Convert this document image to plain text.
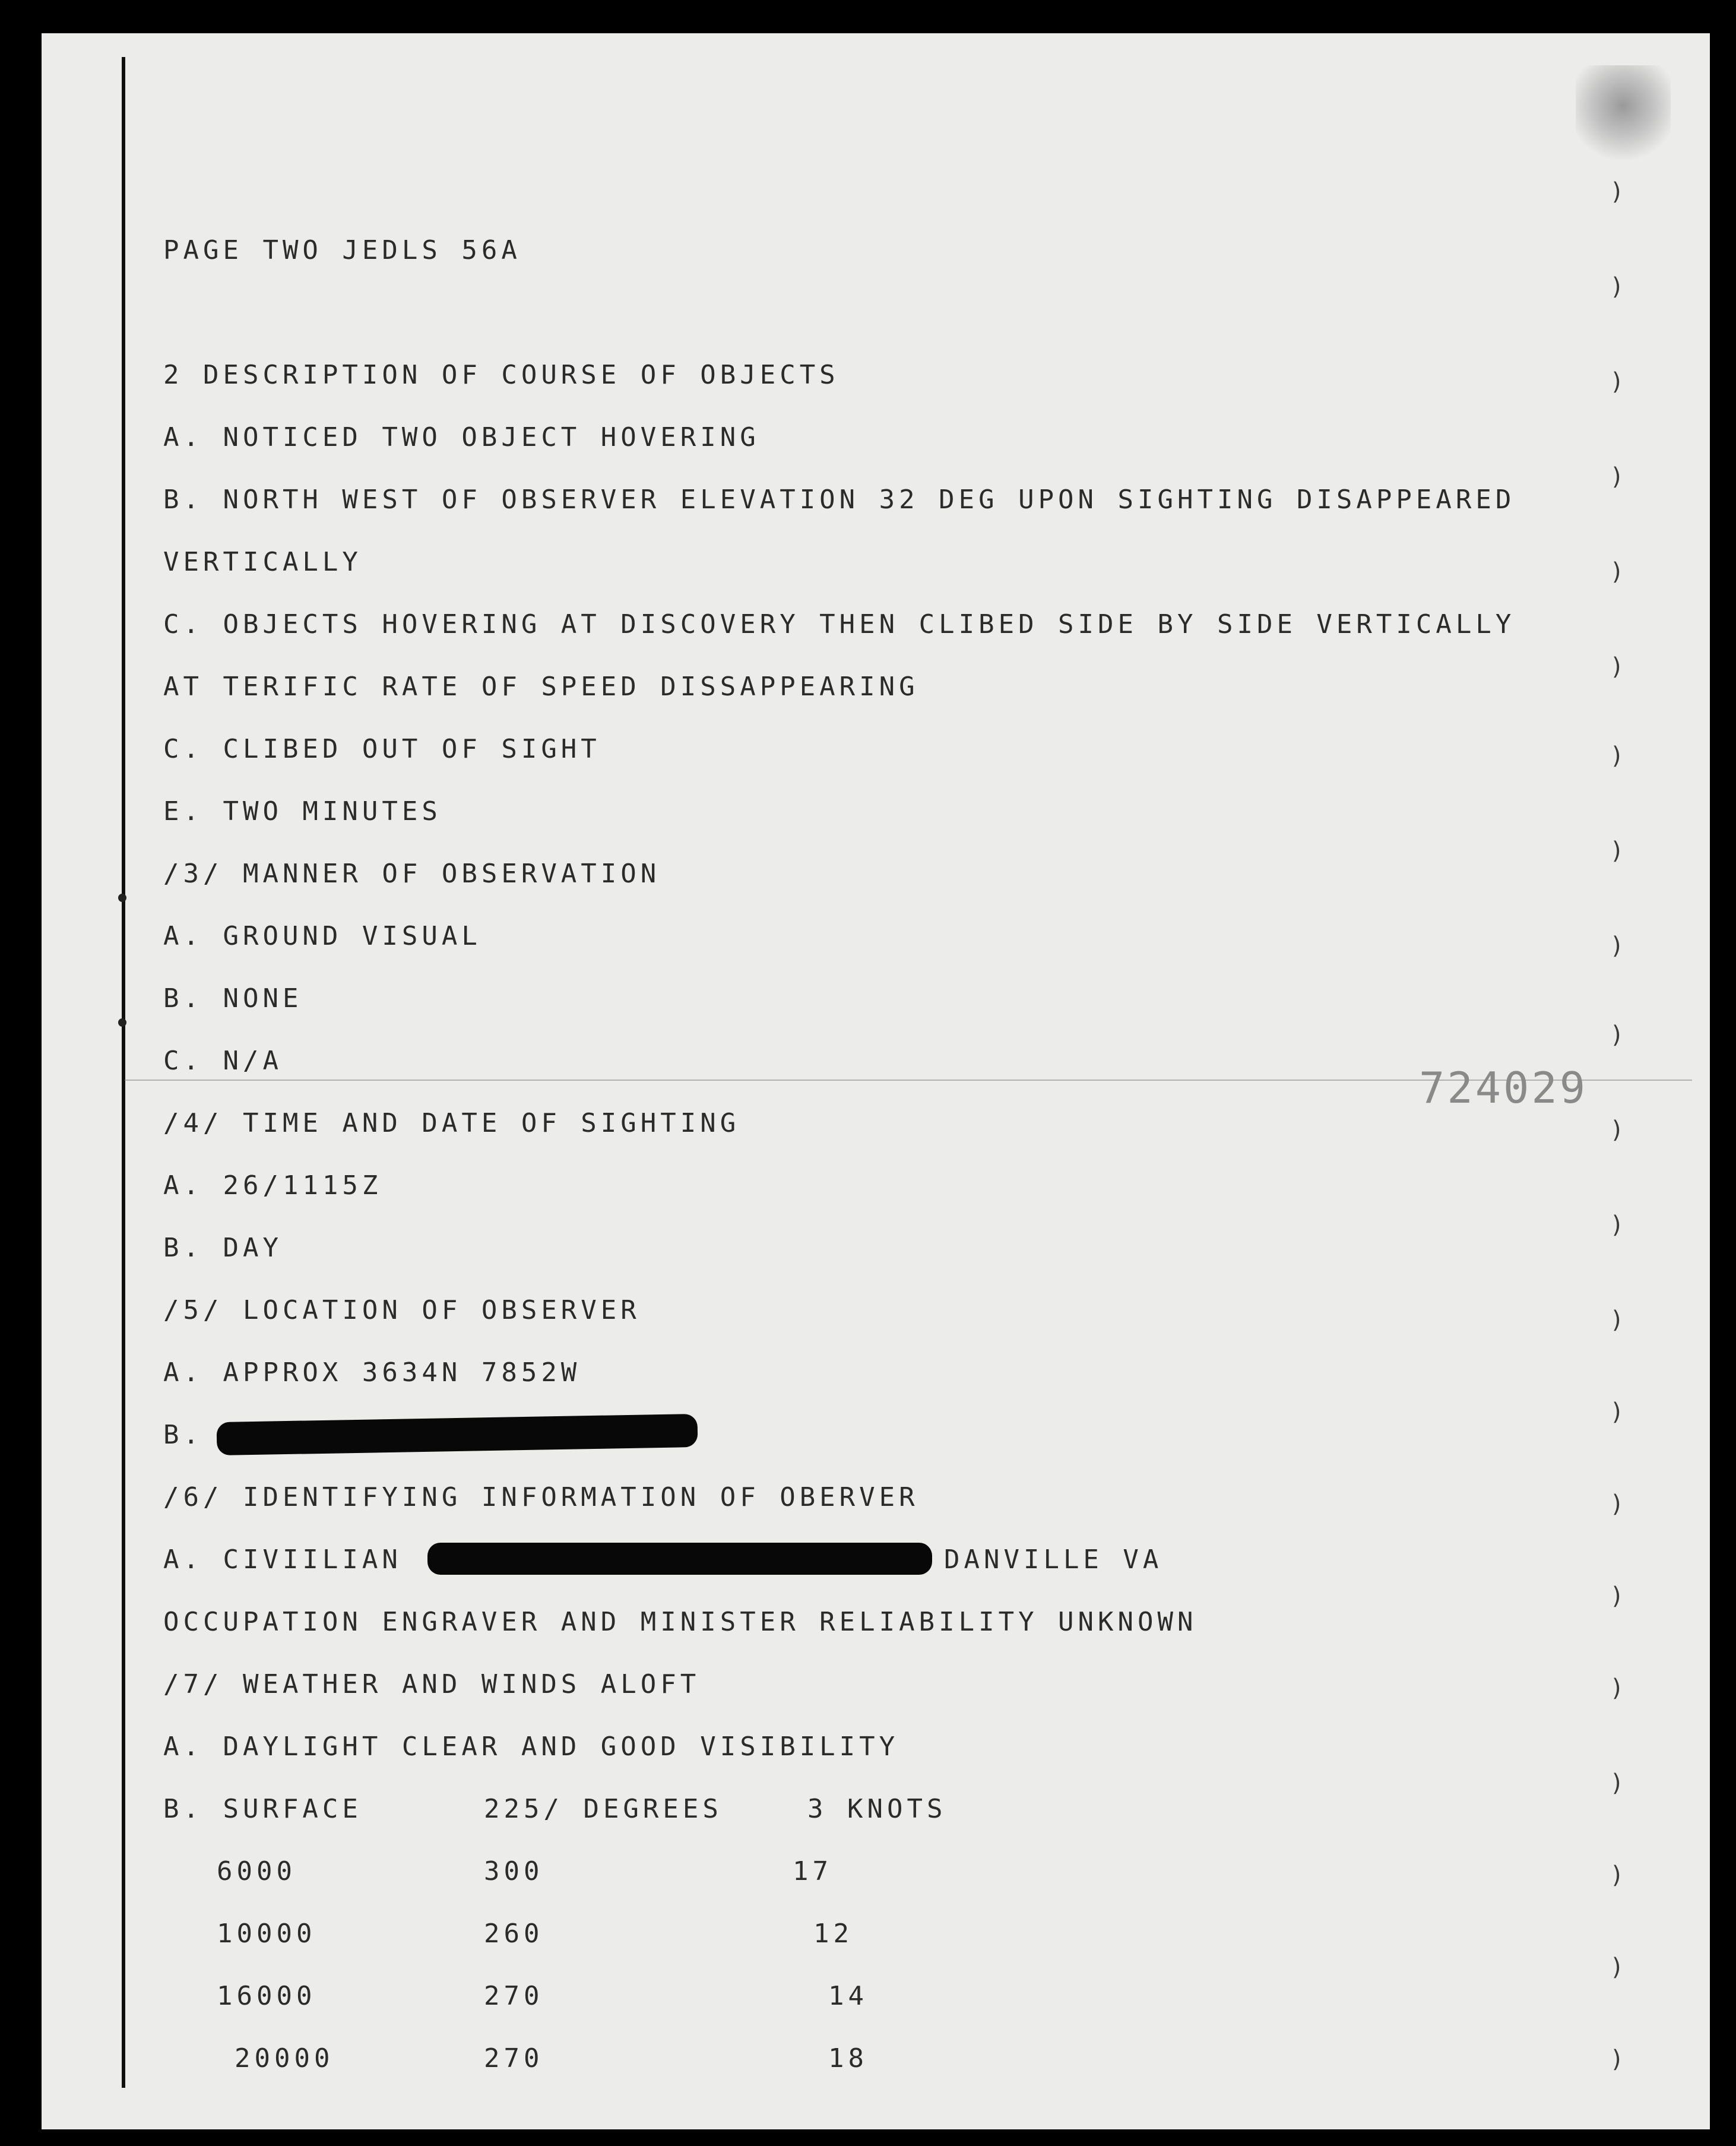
PAGE TWO JEDLS 56A
2 DESCRIPTION OF COURSE OF OBJECTS
A. NOTICED TWO OBJECT HOVERING
B. NORTH WEST OF OBSERVER ELEVATION 32 DEG UPON SIGHTING DISAPPEARED
VERTICALLY
C. OBJECTS HOVERING AT DISCOVERY THEN CLIBED SIDE BY SIDE VERTICALLY
AT TERIFIC RATE OF SPEED DISSAPPEARING
C. CLIBED OUT OF SIGHT
E. TWO MINUTES
/3/ MANNER OF OBSERVATION
A. GROUND VISUAL
B. NONE
C. N/A
/4/ TIME AND DATE OF SIGHTING
A. 26/1115Z
B. DAY
/5/ LOCATION OF OBSERVER
A. APPROX 3634N 7852W
B.
/6/ IDENTIFYING INFORMATION OF OBERVER
A. CIVIILIAN	DANVILLE VA
OCCUPATION ENGRAVER AND MINISTER RELIABILITY UNKNOWN
/7/ WEATHER AND WINDS ALOFT
A. DAYLIGHT CLEAR AND GOOD VISIBILITY
B. SURFACE	225/ DEGREES	3 KNOTS
6000	300	17
10000	260	12
16000	270	14
20000	270	18
724029
)
)
)
)
)
)
)
)
)
)
)
)
)
)
)
)
)
)
)
)
)
